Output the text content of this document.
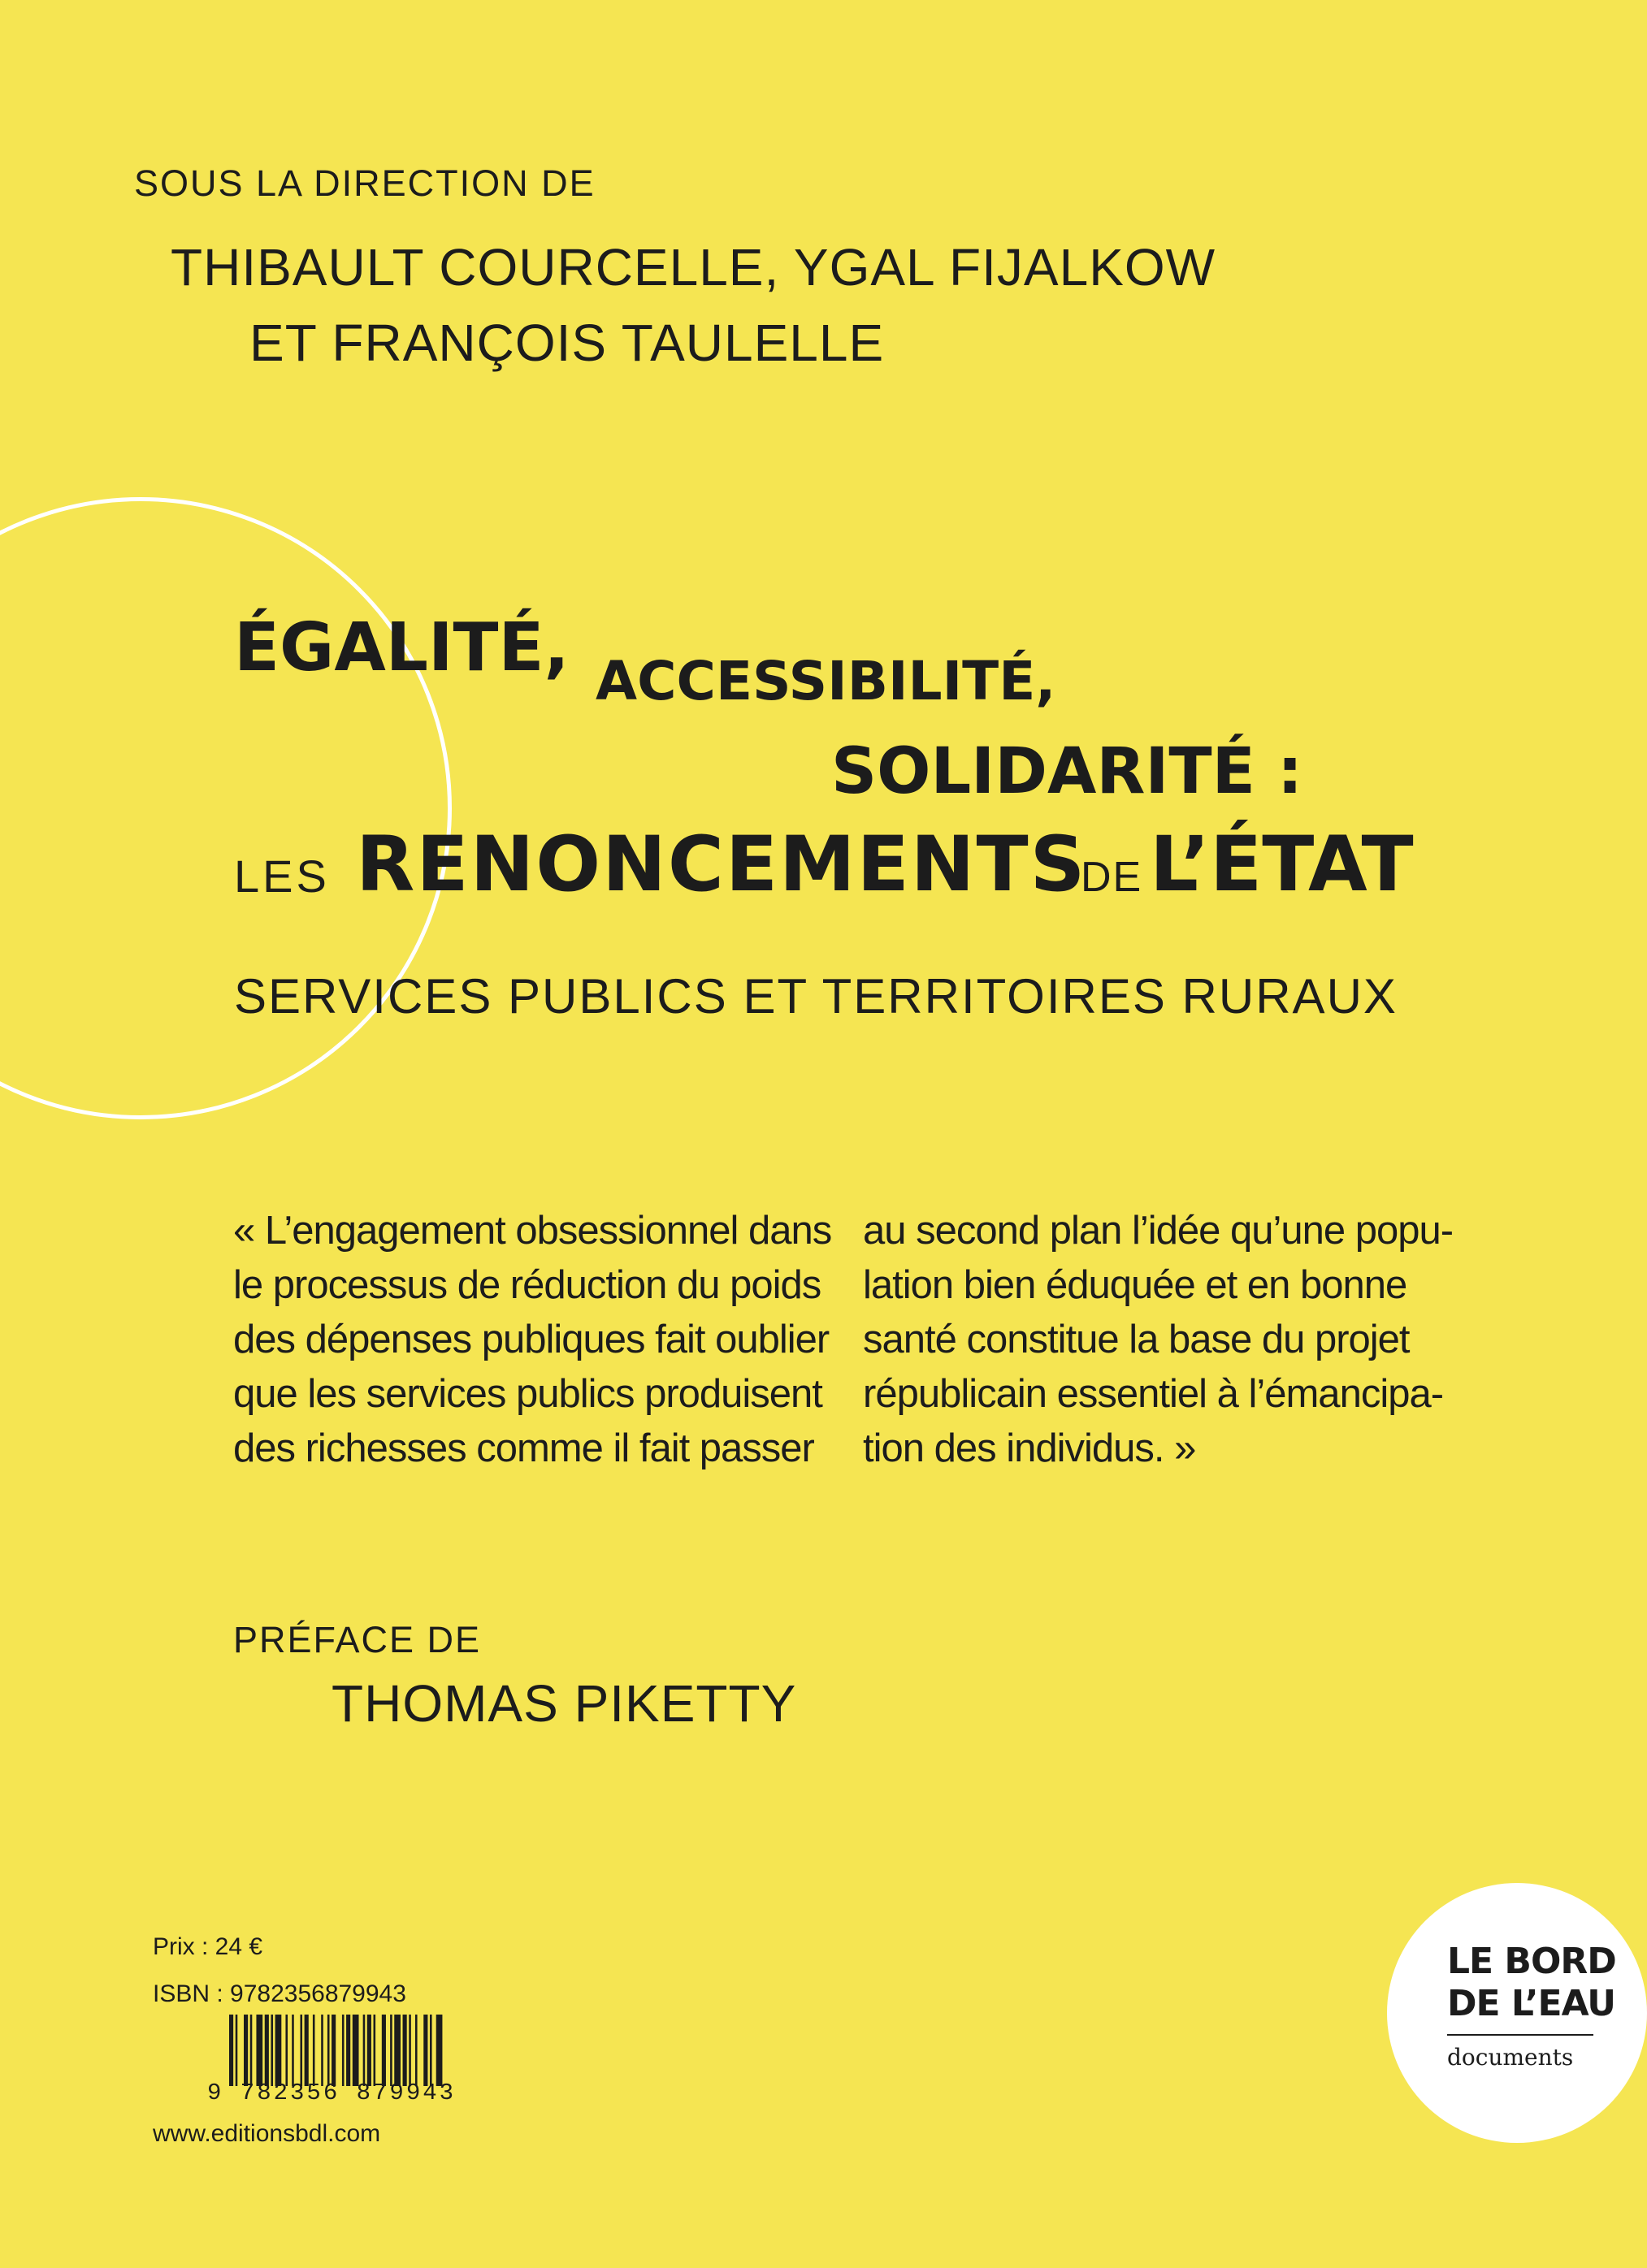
SOUS LA DIRECTION DE
THIBAULT COURCELLE, YGAL FIJALKOW
ET FRANÇOIS TAULELLE
ÉGALITÉ, ACCESSIBILITÉ,
SOLIDARITÉ :
LES RENONCEMENTS
DE L’ÉTAT
SERVICES PUBLICS ET TERRITOIRES RURAUX
« L’engagement obsessionnel dans
le processus de réduction du poids
des dépenses publiques fait oublier
que les services publics produisent
des richesses comme il fait passer
au second plan l’idée qu’une popu-
lation bien éduquée et en bonne
santé constitue la base du projet
républicain essentiel à l’émancipa-
tion des individus. »
PRÉFACE DE
THOMAS PIKETTY
Prix : 24 €
ISBN : 9782356879943
9 782356 879943
www.editionsbdl.com
LE BORD
DE L’EAU
documents
